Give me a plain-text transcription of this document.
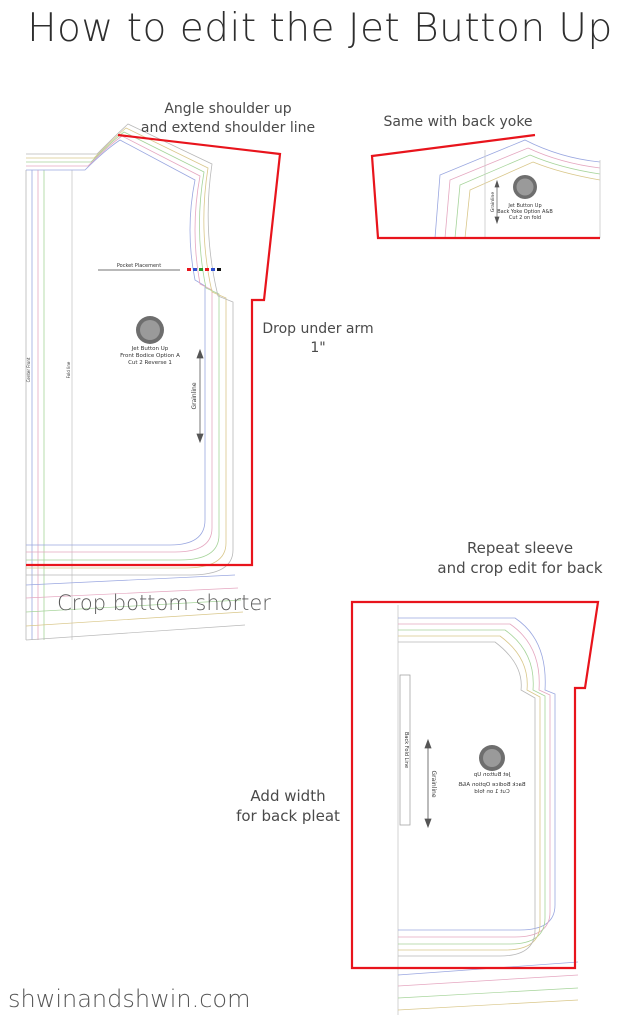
How to edit the Jet Button Up
Pocket Placement
Jet Button Up
Front Bodice Option A
Cut 2 Reverse 1
Grainline
Center Front	Fold line
Jet Button Up
Back Yoke Option A&B
Cut 2 on fold
Grainline
Back Fold Line
Grainline	Jet Button Up
Back Bodice Option A&B
Cut 1 on fold
Angle shoulder up
and extend shoulder line	Same with back yoke
Drop under arm
1"
Crop bottom shorter
Repeat sleeve
and crop edit for back
Add width
for back pleat
shwinandshwin.com
